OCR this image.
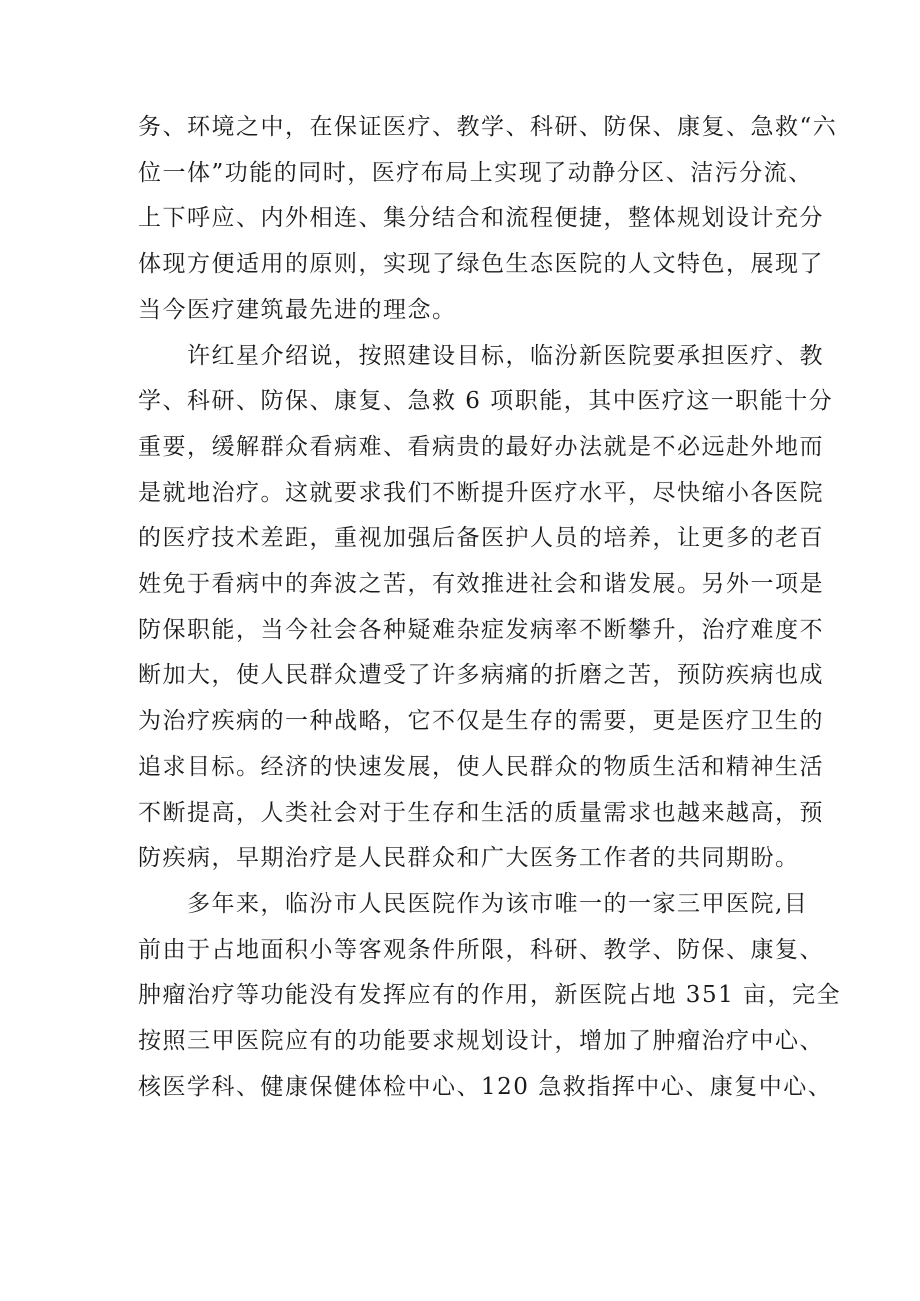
务、环境之中，在保证医疗、教学、科研、防保、康复、急救“六
位一体”功能的同时，医疗布局上实现了动静分区、洁污分流、
上下呼应、内外相连、集分结合和流程便捷，整体规划设计充分
体现方便适用的原则，实现了绿色生态医院的人文特色，展现了
当今医疗建筑最先进的理念。

　　许红星介绍说，按照建设目标，临汾新医院要承担医疗、教
学、科研、防保、康复、急救 6 项职能，其中医疗这一职能十分
重要，缓解群众看病难、看病贵的最好办法就是不必远赴外地而
是就地治疗。这就要求我们不断提升医疗水平，尽快缩小各医院
的医疗技术差距，重视加强后备医护人员的培养，让更多的老百
姓免于看病中的奔波之苦，有效推进社会和谐发展。另外一项是
防保职能，当今社会各种疑难杂症发病率不断攀升，治疗难度不
断加大，使人民群众遭受了许多病痛的折磨之苦，预防疾病也成
为治疗疾病的一种战略，它不仅是生存的需要，更是医疗卫生的
追求目标。经济的快速发展，使人民群众的物质生活和精神生活
不断提高，人类社会对于生存和生活的质量需求也越来越高，预
防疾病，早期治疗是人民群众和广大医务工作者的共同期盼。

　　多年来，临汾市人民医院作为该市唯一的一家三甲医院,目
前由于占地面积小等客观条件所限，科研、教学、防保、康复、
肿瘤治疗等功能没有发挥应有的作用，新医院占地 351 亩，完全
按照三甲医院应有的功能要求规划设计，增加了肿瘤治疗中心、
核医学科、健康保健体检中心、120 急救指挥中心、康复中心、
